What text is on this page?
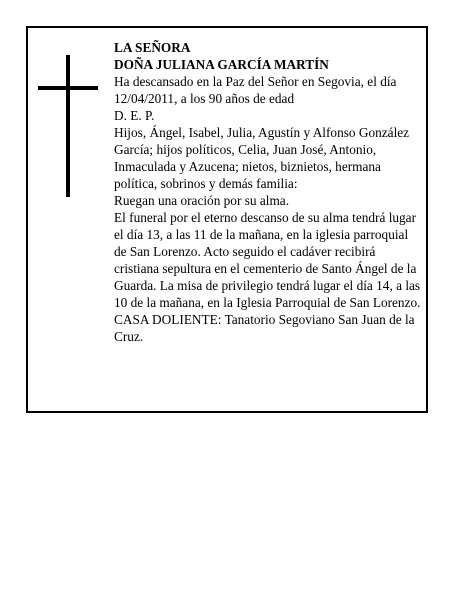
LA SEÑORA

DOÑA JULIANA GARCÍA MARTÍN

Ha descansado en la Paz del Señor en Segovia, el día 12/04/2011, a los 90 años de edad

D. E. P.

Hijos, Ángel, Isabel, Julia, Agustín y Alfonso González García; hijos políticos, Celia, Juan José, Antonio, Inmaculada y Azucena; nietos, biznietos, hermana política, sobrinos y demás familia:

Ruegan una oración por su alma.

El funeral por el eterno descanso de su alma tendrá lugar el día 13, a las 11 de la mañana, en la iglesia parroquial de San Lorenzo. Acto seguido el cadáver recibirá cristiana sepultura en el cementerio de Santo Ángel de la Guarda. La misa de privilegio tendrá lugar el día 14, a las 10 de la mañana, en la Iglesia Parroquial de San Lorenzo.

CASA DOLIENTE: Tanatorio Segoviano San Juan de la Cruz.
